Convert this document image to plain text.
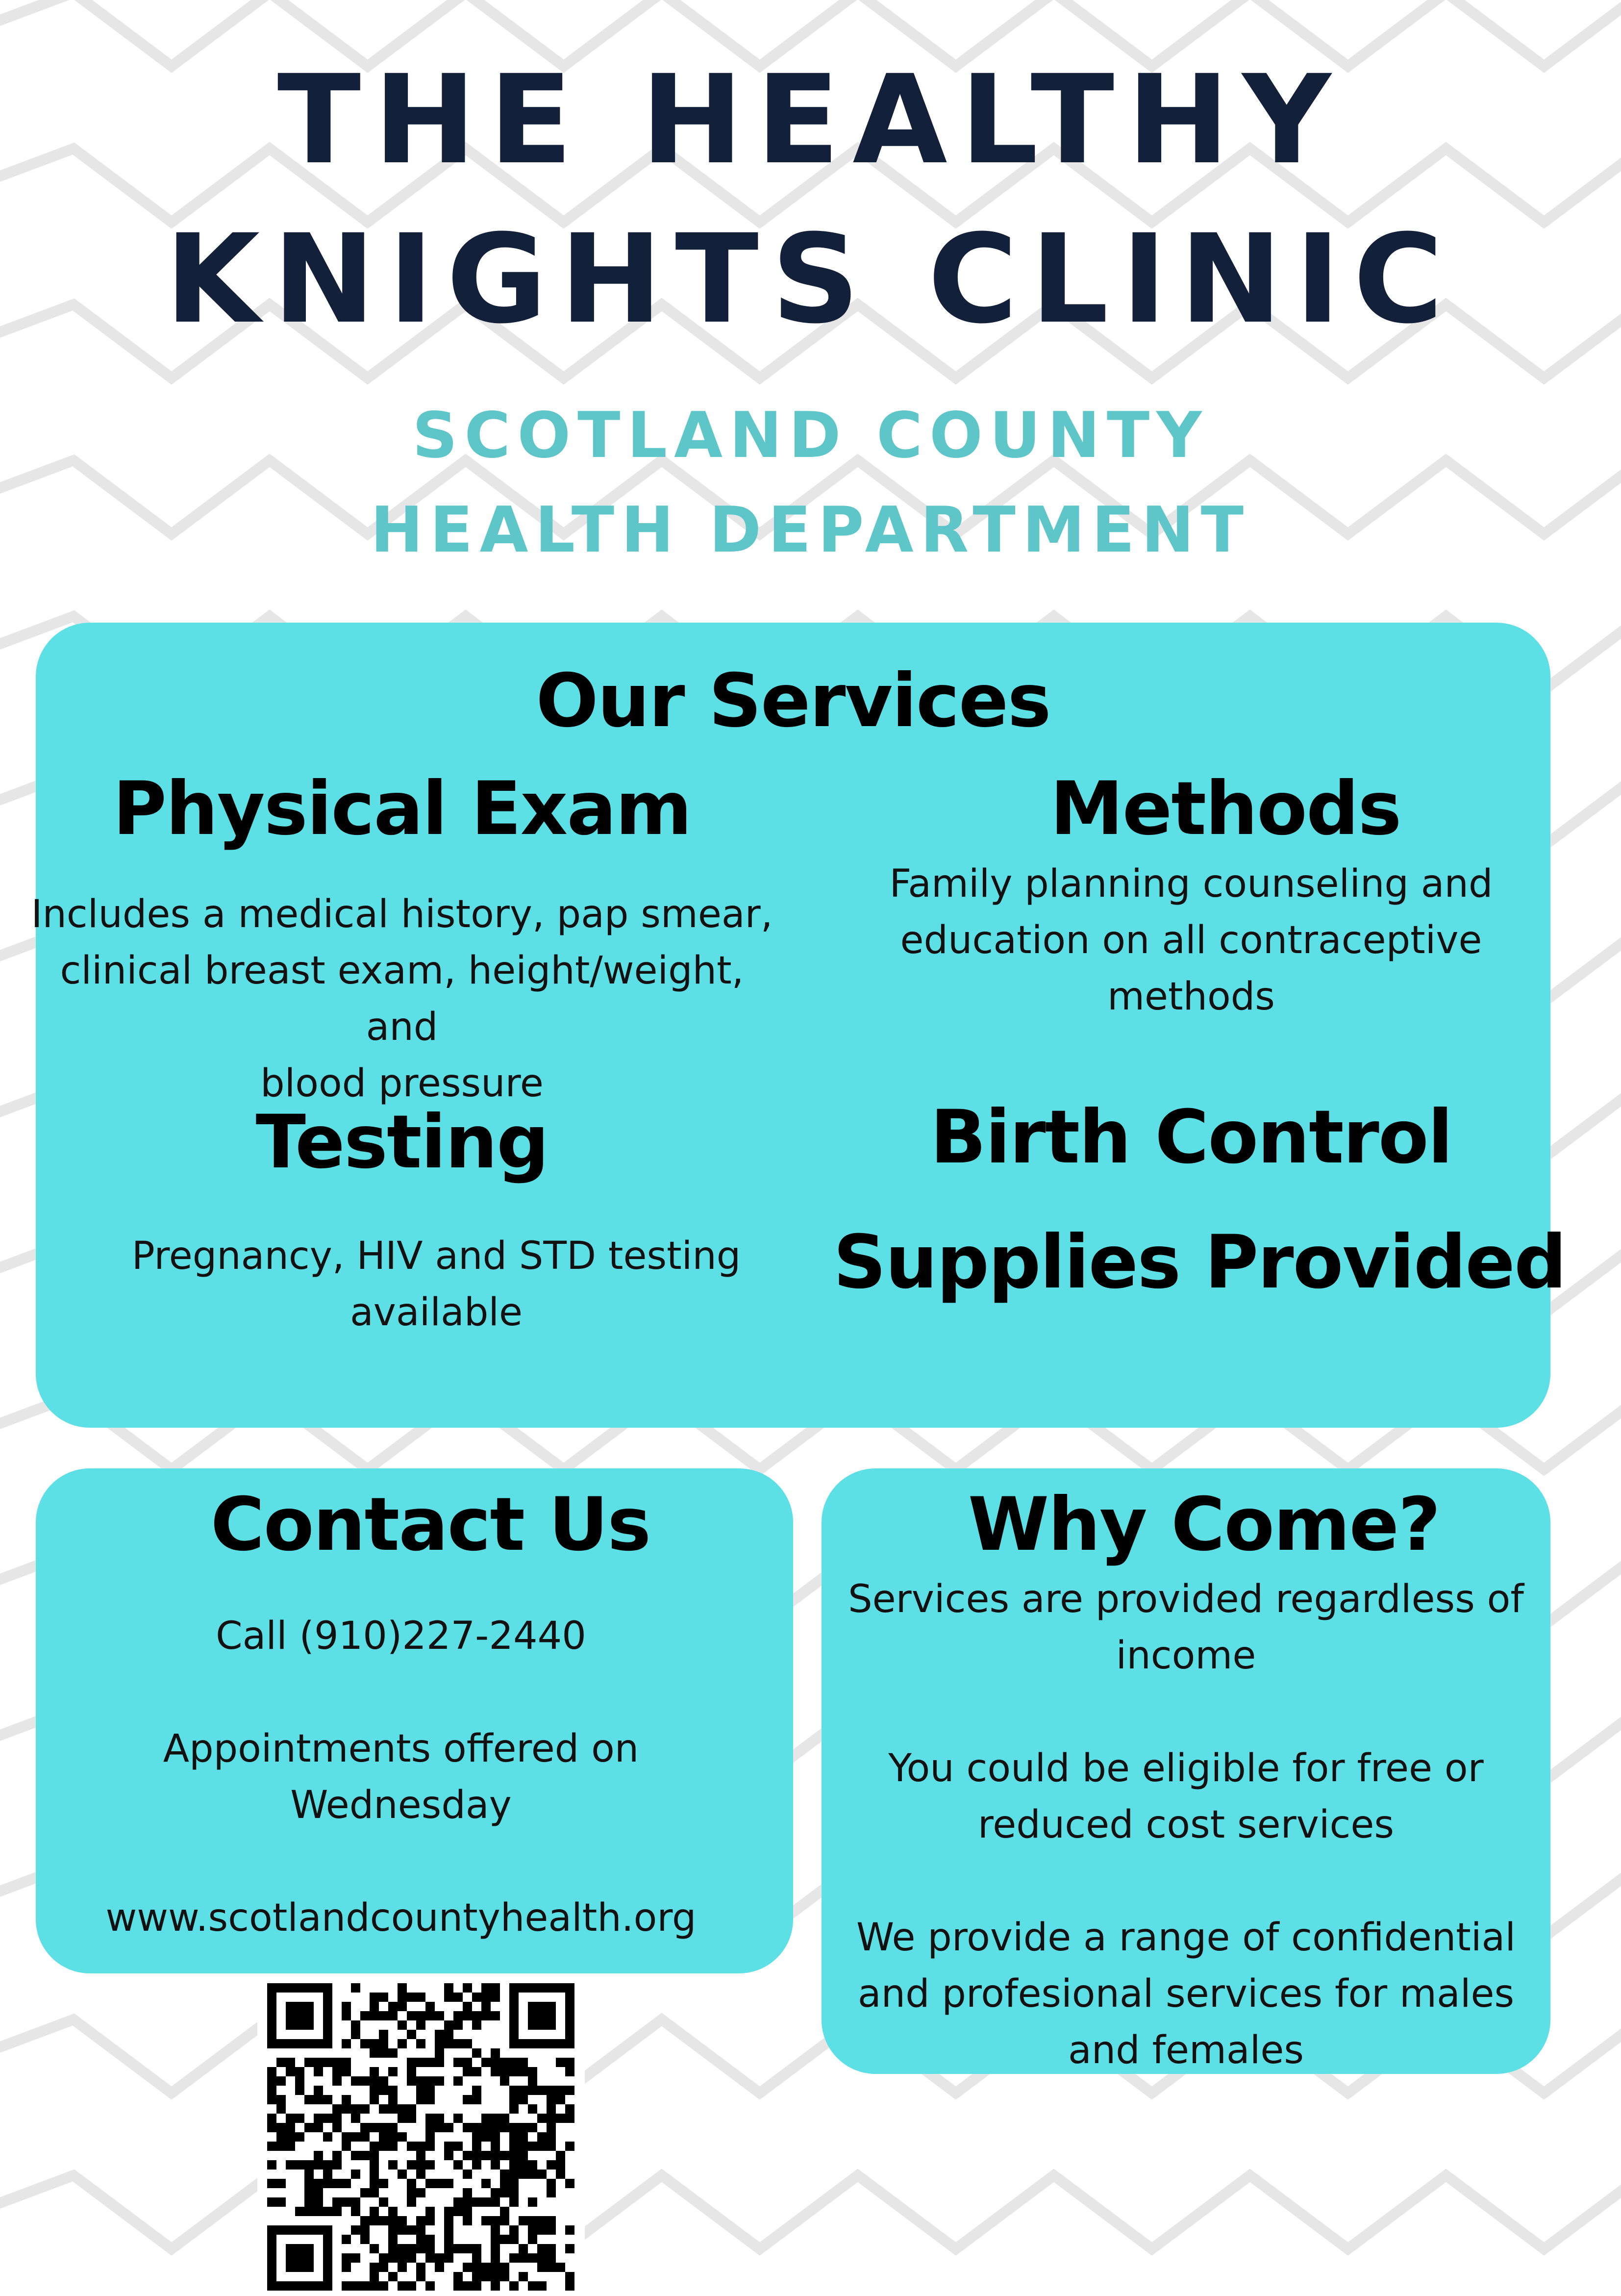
THE HEALTHY
KNIGHTS CLINIC
SCOTLAND COUNTY
HEALTH DEPARTMENT
Our Services
Physical Exam
Includes a medical history, pap smear,
clinical breast exam, height/weight, and
blood pressure
Methods
Family planning counseling and
education on all contraceptive
methods
Testing
Pregnancy, HIV and STD testing
available
Birth Control
Supplies Provided
Contact Us
Call (910)227-2440
Appointments offered on
Wednesday
www.scotlandcountyhealth.org
Why Come?
Services are provided regardless of
income
You could be eligible for free or
reduced cost services
We provide a range of confidential
and profesional services for males
and females
